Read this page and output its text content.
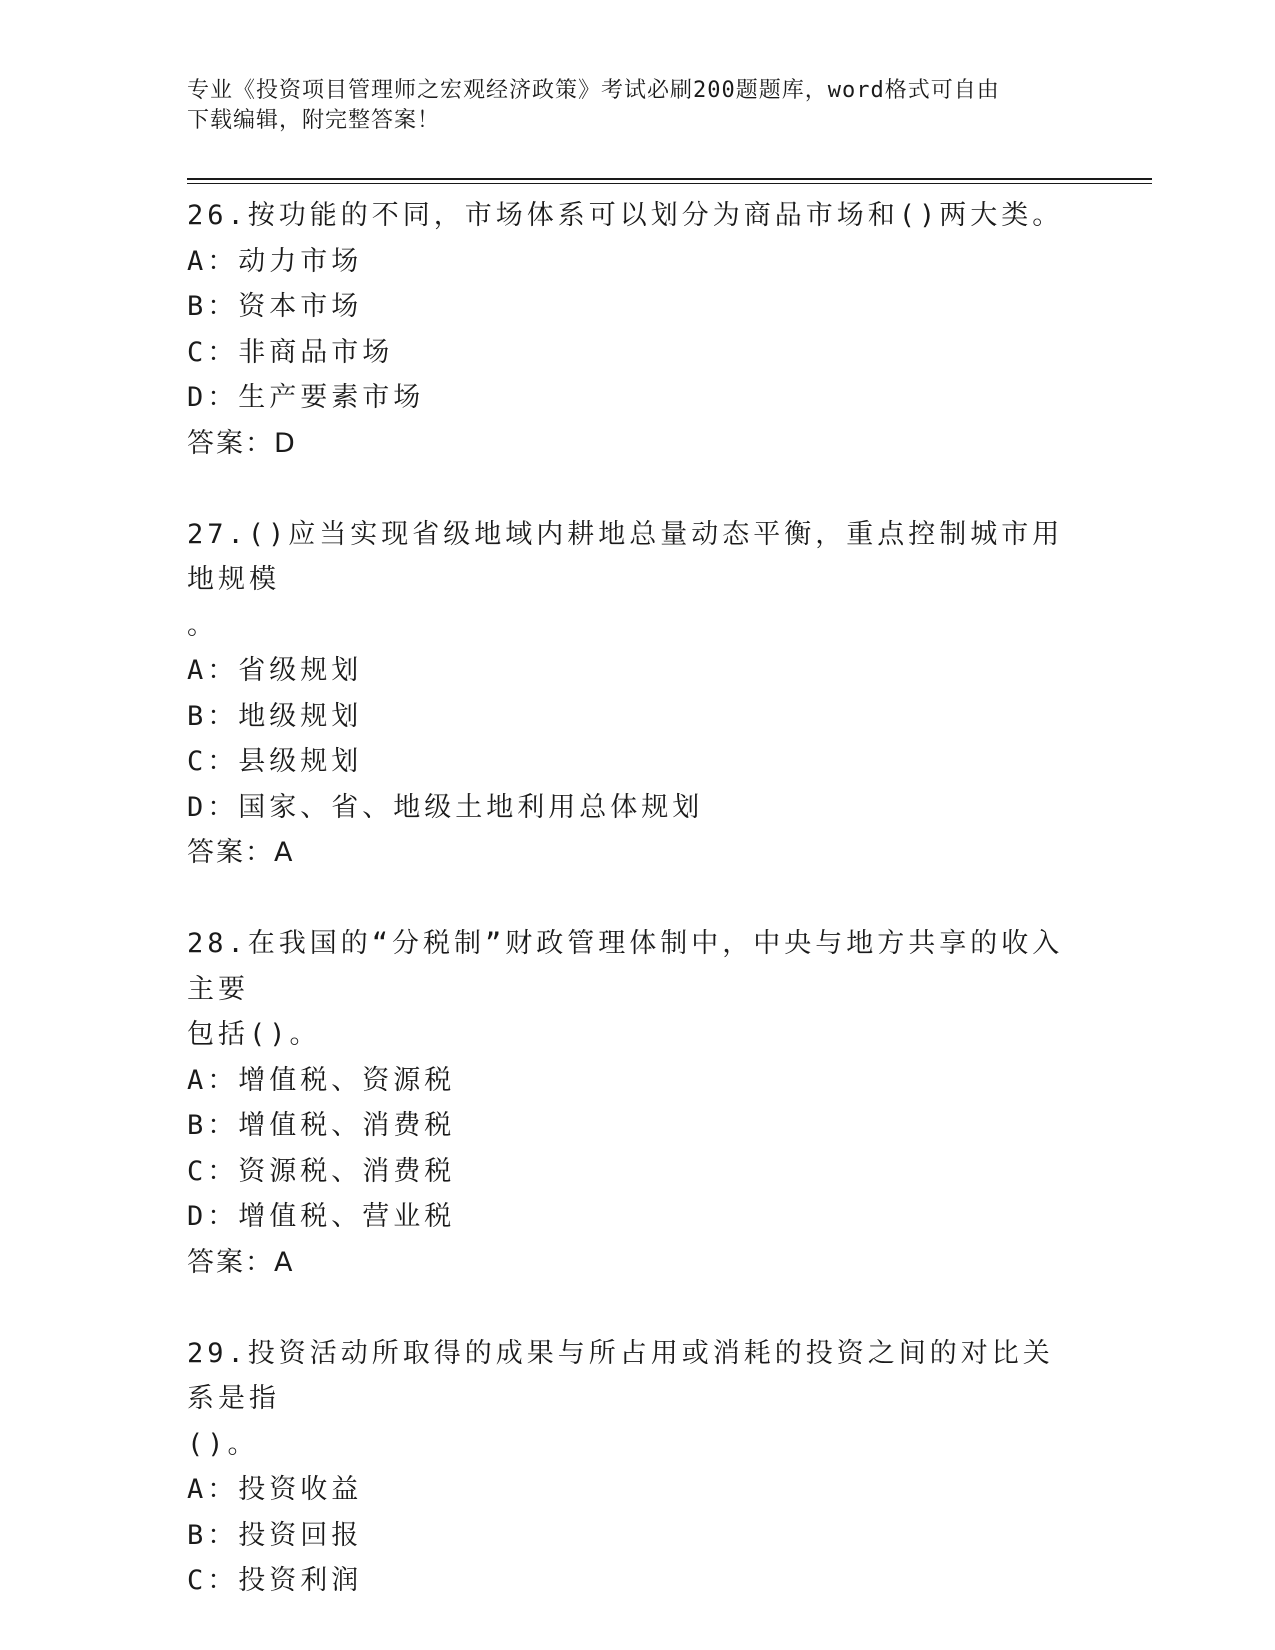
专业《投资项目管理师之宏观经济政策》考试必刷200题题库，word格式可自由
下载编辑，附完整答案！
26.按功能的不同，市场体系可以划分为商品市场和()两大类。
A：动力市场
B：资本市场
C：非商品市场
D：生产要素市场
答案：D
27.()应当实现省级地域内耕地总量动态平衡，重点控制城市用地规模
。
A：省级规划
B：地级规划
C：县级规划
D：国家、省、地级土地利用总体规划
答案：A
28.在我国的“分税制”财政管理体制中，中央与地方共享的收入主要
包括()。
A：增值税、资源税
B：增值税、消费税
C：资源税、消费税
D：增值税、营业税
答案：A
29.投资活动所取得的成果与所占用或消耗的投资之间的对比关系是指
()。
A：投资收益
B：投资回报
C：投资利润
